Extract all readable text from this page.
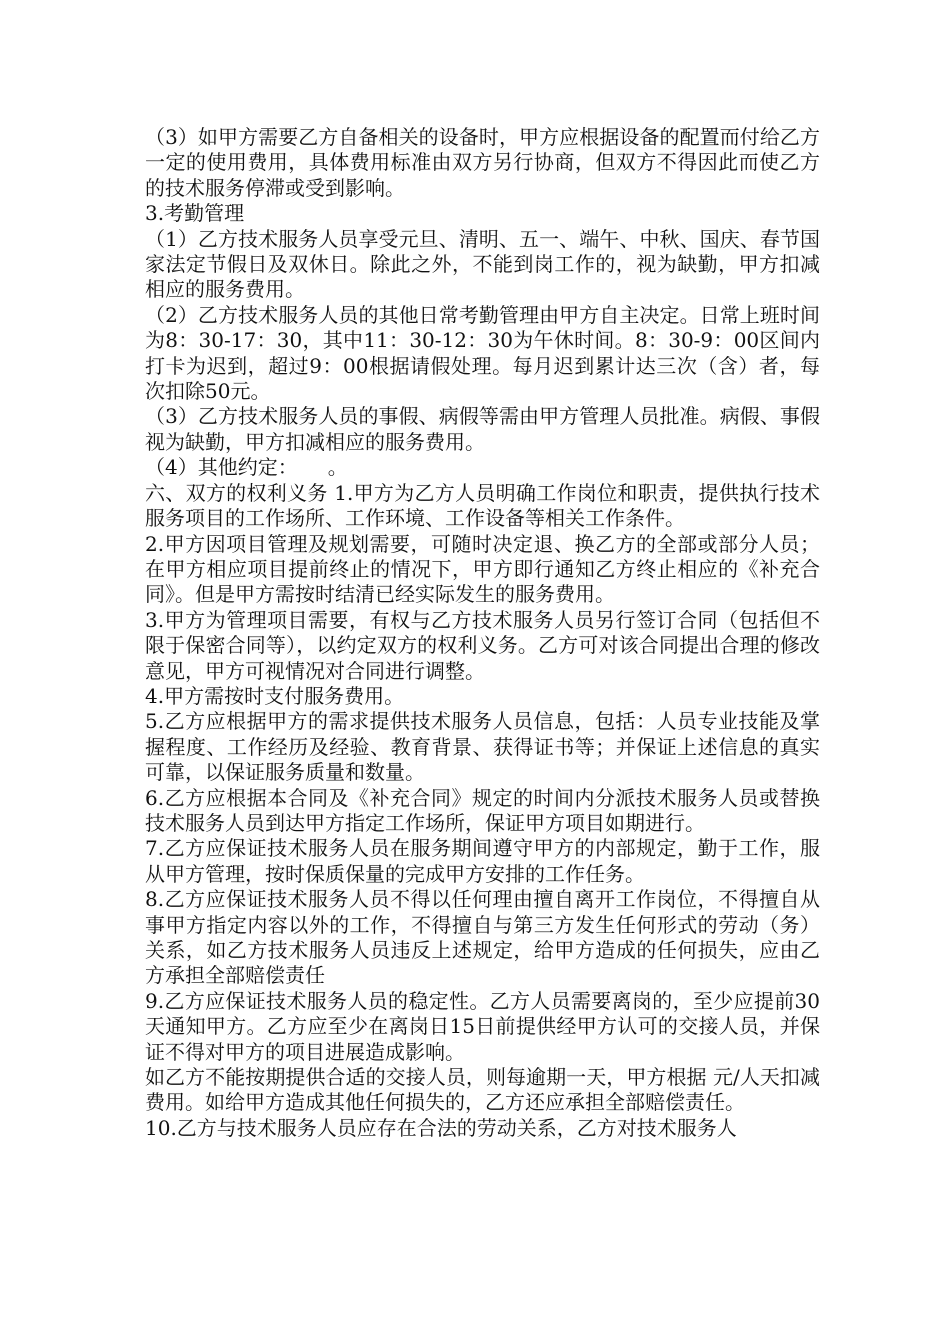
（3）如甲方需要乙方自备相关的设备时，甲方应根据设备的配置而付给乙方一定的使用费用，具体费用标准由双方另行协商，但双方不得因此而使乙方的技术服务停滞或受到影响。

3.考勤管理

（1）乙方技术服务人员享受元旦、清明、五一、端午、中秋、国庆、春节国家法定节假日及双休日。除此之外，不能到岗工作的，视为缺勤，甲方扣减相应的服务费用。

（2）乙方技术服务人员的其他日常考勤管理由甲方自主决定。日常上班时间为8：30-17：30，其中11：30-12：30为午休时间。8：30-9：00区间内打卡为迟到，超过9：00根据请假处理。每月迟到累计达三次（含）者，每次扣除50元。

（3）乙方技术服务人员的事假、病假等需由甲方管理人员批准。病假、事假视为缺勤，甲方扣减相应的服务费用。

（4）其他约定：　　。

六、双方的权利义务 1.甲方为乙方人员明确工作岗位和职责，提供执行技术服务项目的工作场所、工作环境、工作设备等相关工作条件。

2.甲方因项目管理及规划需要，可随时决定退、换乙方的全部或部分人员；在甲方相应项目提前终止的情况下，甲方即行通知乙方终止相应的《补充合同》。但是甲方需按时结清已经实际发生的服务费用。

3.甲方为管理项目需要，有权与乙方技术服务人员另行签订合同（包括但不限于保密合同等），以约定双方的权利义务。乙方可对该合同提出合理的修改意见，甲方可视情况对合同进行调整。

4.甲方需按时支付服务费用。

5.乙方应根据甲方的需求提供技术服务人员信息，包括：人员专业技能及掌握程度、工作经历及经验、教育背景、获得证书等；并保证上述信息的真实可靠，以保证服务质量和数量。

6.乙方应根据本合同及《补充合同》规定的时间内分派技术服务人员或替换技术服务人员到达甲方指定工作场所，保证甲方项目如期进行。

7.乙方应保证技术服务人员在服务期间遵守甲方的内部规定，勤于工作，服从甲方管理，按时保质保量的完成甲方安排的工作任务。

8.乙方应保证技术服务人员不得以任何理由擅自离开工作岗位，不得擅自从事甲方指定内容以外的工作，不得擅自与第三方发生任何形式的劳动（务）关系，如乙方技术服务人员违反上述规定，给甲方造成的任何损失，应由乙方承担全部赔偿责任

9.乙方应保证技术服务人员的稳定性。乙方人员需要离岗的，至少应提前30天通知甲方。乙方应至少在离岗日15日前提供经甲方认可的交接人员，并保证不得对甲方的项目进展造成影响。

如乙方不能按期提供合适的交接人员，则每逾期一天，甲方根据 元/人天扣减费用。如给甲方造成其他任何损失的，乙方还应承担全部赔偿责任。

10.乙方与技术服务人员应存在合法的劳动关系，乙方对技术服务人
